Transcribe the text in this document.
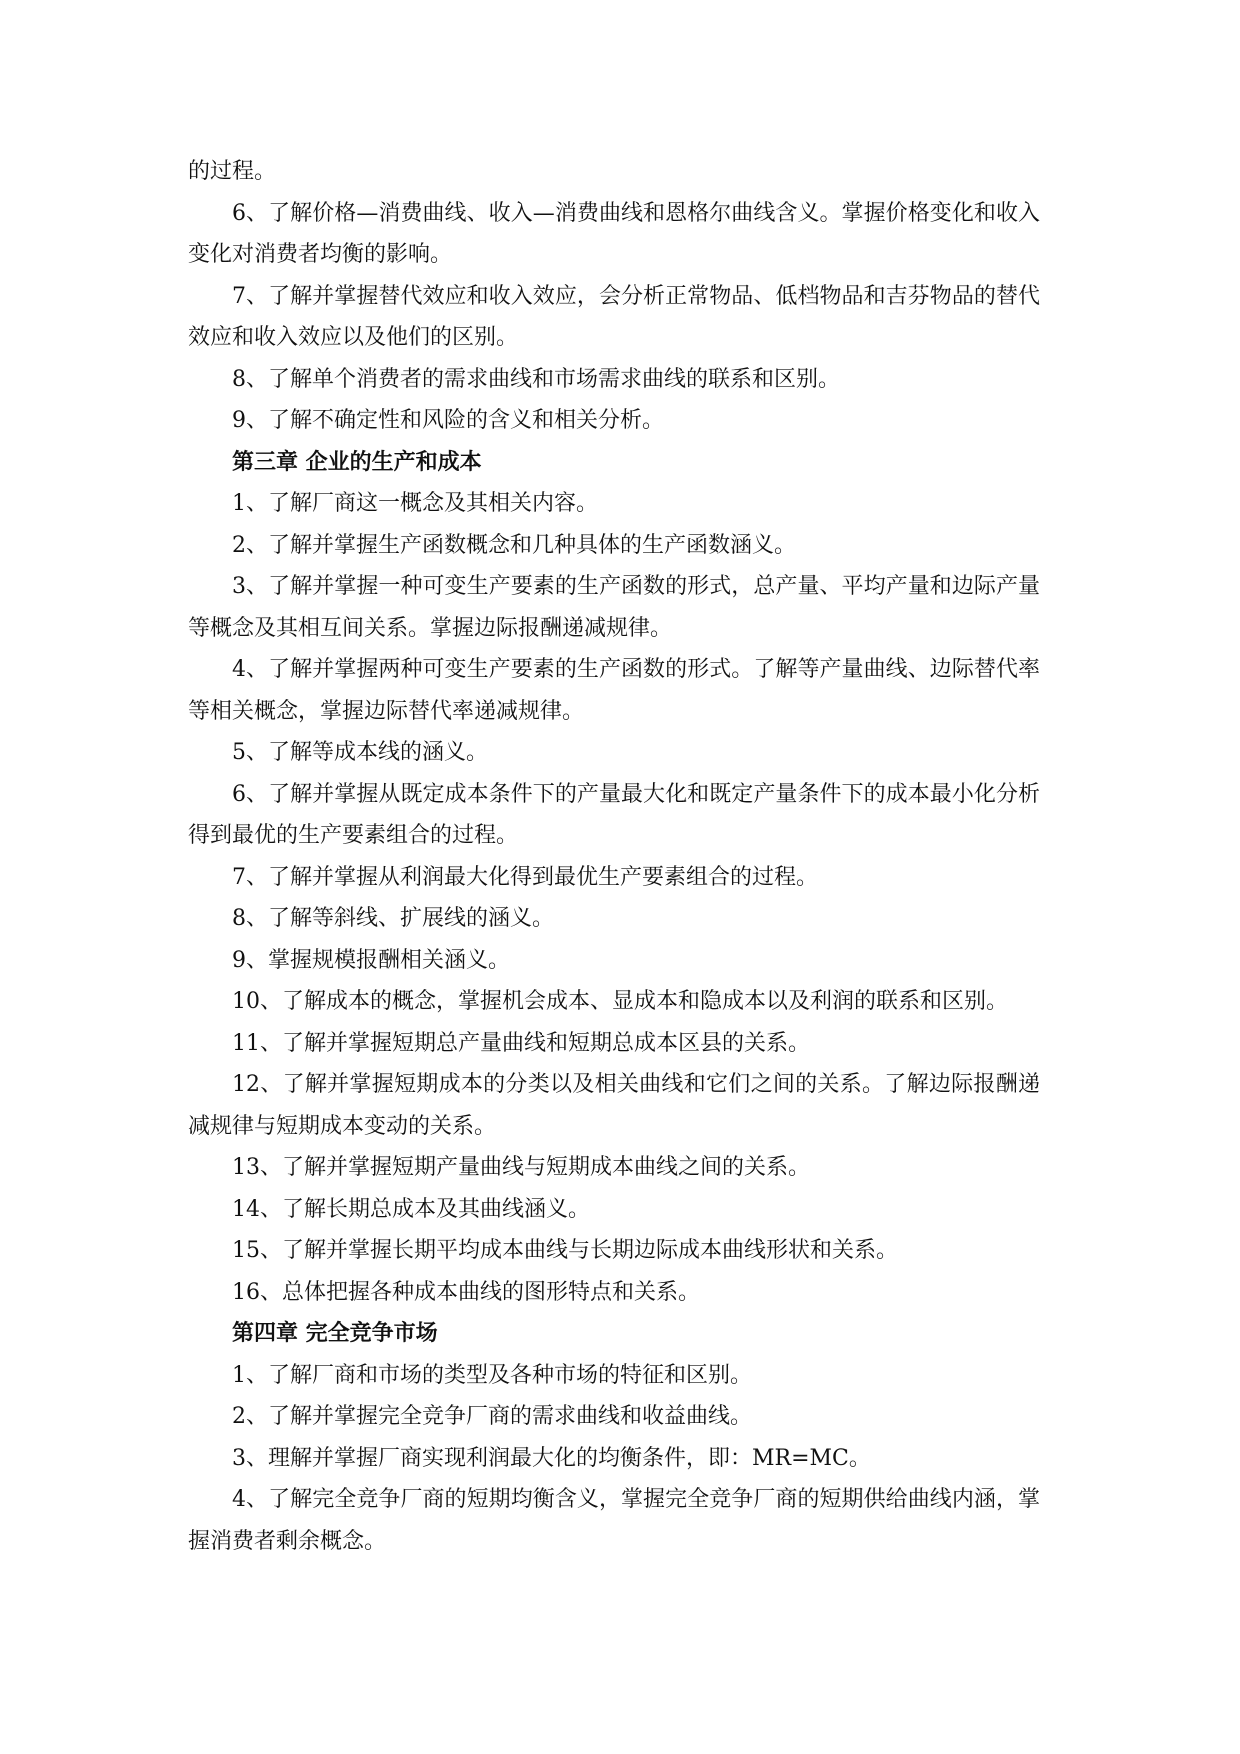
的过程。

6、了解价格—消费曲线、收入—消费曲线和恩格尔曲线含义。掌握价格变化和收入变化对消费者均衡的影响。

7、了解并掌握替代效应和收入效应，会分析正常物品、低档物品和吉芬物品的替代效应和收入效应以及他们的区别。

8、了解单个消费者的需求曲线和市场需求曲线的联系和区别。

9、了解不确定性和风险的含义和相关分析。

第三章 企业的生产和成本

1、了解厂商这一概念及其相关内容。

2、了解并掌握生产函数概念和几种具体的生产函数涵义。

3、了解并掌握一种可变生产要素的生产函数的形式，总产量、平均产量和边际产量等概念及其相互间关系。掌握边际报酬递减规律。

4、了解并掌握两种可变生产要素的生产函数的形式。了解等产量曲线、边际替代率等相关概念，掌握边际替代率递减规律。

5、了解等成本线的涵义。

6、了解并掌握从既定成本条件下的产量最大化和既定产量条件下的成本最小化分析得到最优的生产要素组合的过程。

7、了解并掌握从利润最大化得到最优生产要素组合的过程。

8、了解等斜线、扩展线的涵义。

9、掌握规模报酬相关涵义。

10、了解成本的概念，掌握机会成本、显成本和隐成本以及利润的联系和区别。

11、了解并掌握短期总产量曲线和短期总成本区县的关系。

12、了解并掌握短期成本的分类以及相关曲线和它们之间的关系。了解边际报酬递减规律与短期成本变动的关系。

13、了解并掌握短期产量曲线与短期成本曲线之间的关系。

14、了解长期总成本及其曲线涵义。

15、了解并掌握长期平均成本曲线与长期边际成本曲线形状和关系。

16、总体把握各种成本曲线的图形特点和关系。

第四章 完全竞争市场

1、了解厂商和市场的类型及各种市场的特征和区别。

2、了解并掌握完全竞争厂商的需求曲线和收益曲线。

3、理解并掌握厂商实现利润最大化的均衡条件，即：MR=MC。

4、了解完全竞争厂商的短期均衡含义，掌握完全竞争厂商的短期供给曲线内涵，掌握消费者剩余概念。
